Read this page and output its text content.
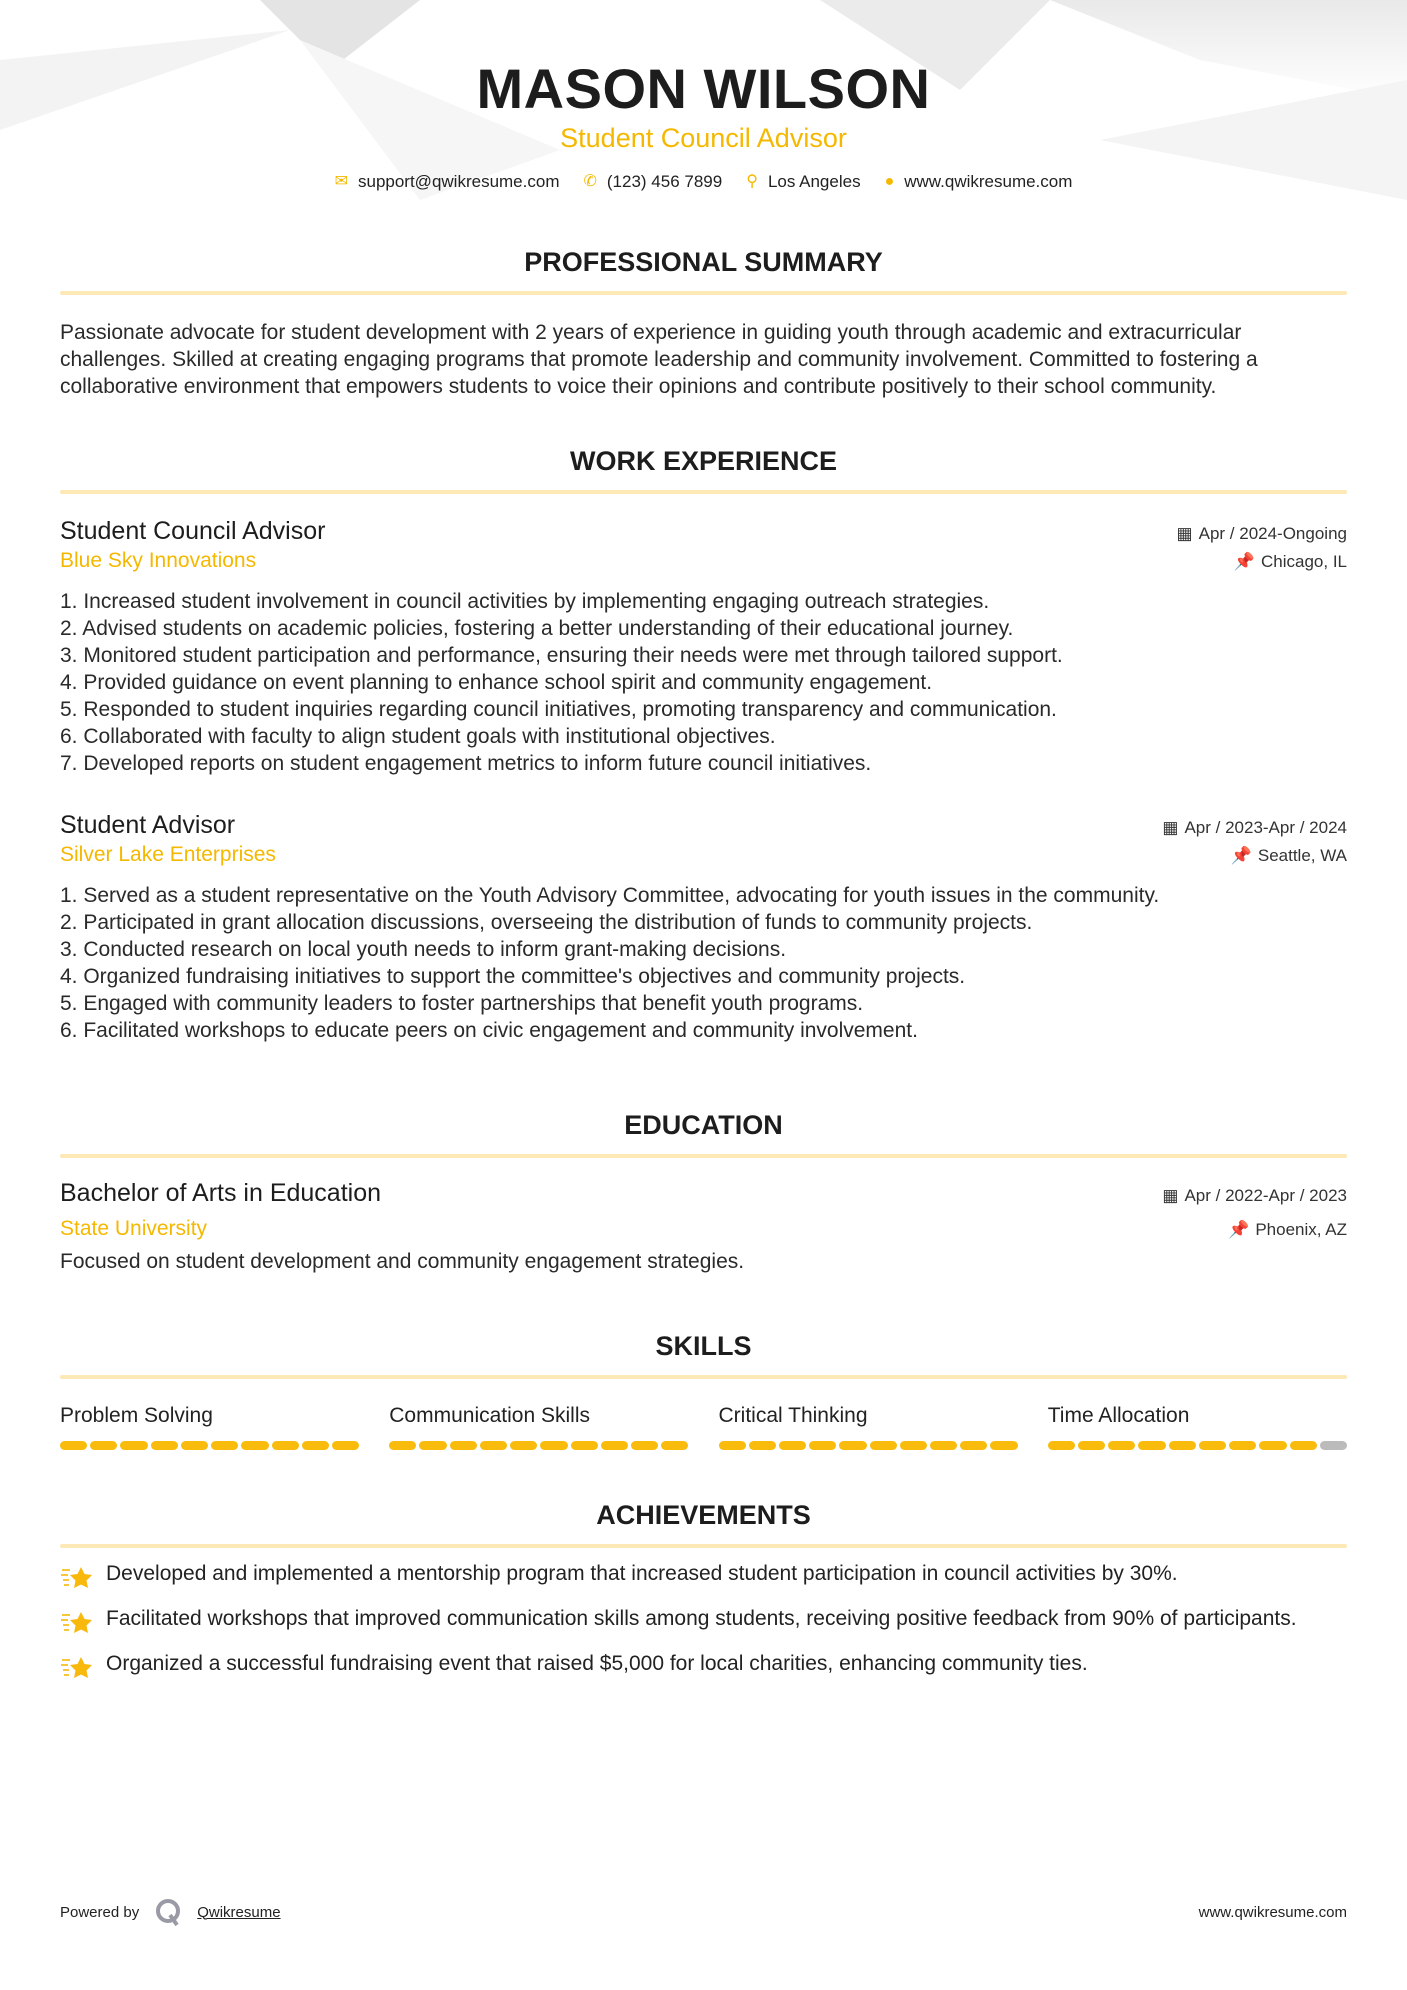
MASON WILSON
Student Council Advisor
✉ support@qwikresume.com ✆ (123) 456 7899 ⚲ Los Angeles ● www.qwikresume.com
PROFESSIONAL SUMMARY

Passionate advocate for student development with 2 years of experience in guiding youth through academic and extracurricular challenges. Skilled at creating engaging programs that promote leadership and community involvement. Committed to fostering a collaborative environment that empowers students to voice their opinions and contribute positively to their school community.

WORK EXPERIENCE
Student Council Advisor	▦ Apr / 2024-Ongoing
Blue Sky Innovations	📌 Chicago, IL
1. Increased student involvement in council activities by implementing engaging outreach strategies.
2. Advised students on academic policies, fostering a better understanding of their educational journey.
3. Monitored student participation and performance, ensuring their needs were met through tailored support.
4. Provided guidance on event planning to enhance school spirit and community engagement.
5. Responded to student inquiries regarding council initiatives, promoting transparency and communication.
6. Collaborated with faculty to align student goals with institutional objectives.
7. Developed reports on student engagement metrics to inform future council initiatives.
Student Advisor	▦ Apr / 2023-Apr / 2024
Silver Lake Enterprises	📌 Seattle, WA
1. Served as a student representative on the Youth Advisory Committee, advocating for youth issues in the community.
2. Participated in grant allocation discussions, overseeing the distribution of funds to community projects.
3. Conducted research on local youth needs to inform grant-making decisions.
4. Organized fundraising initiatives to support the committee's objectives and community projects.
5. Engaged with community leaders to foster partnerships that benefit youth programs.
6. Facilitated workshops to educate peers on civic engagement and community involvement.
EDUCATION
Bachelor of Arts in Education	▦ Apr / 2022-Apr / 2023
State University	📌 Phoenix, AZ

Focused on student development and community engagement strategies.

SKILLS
Problem Solving	Communication Skills	Critical Thinking	Time Allocation
ACHIEVEMENTS
Developed and implemented a mentorship program that increased student participation in council activities by 30%.
Facilitated workshops that improved communication skills among students, receiving positive feedback from 90% of participants.
Organized a successful fundraising event that raised $5,000 for local charities, enhancing community ties.
Powered by	Qwikresume	www.qwikresume.com
